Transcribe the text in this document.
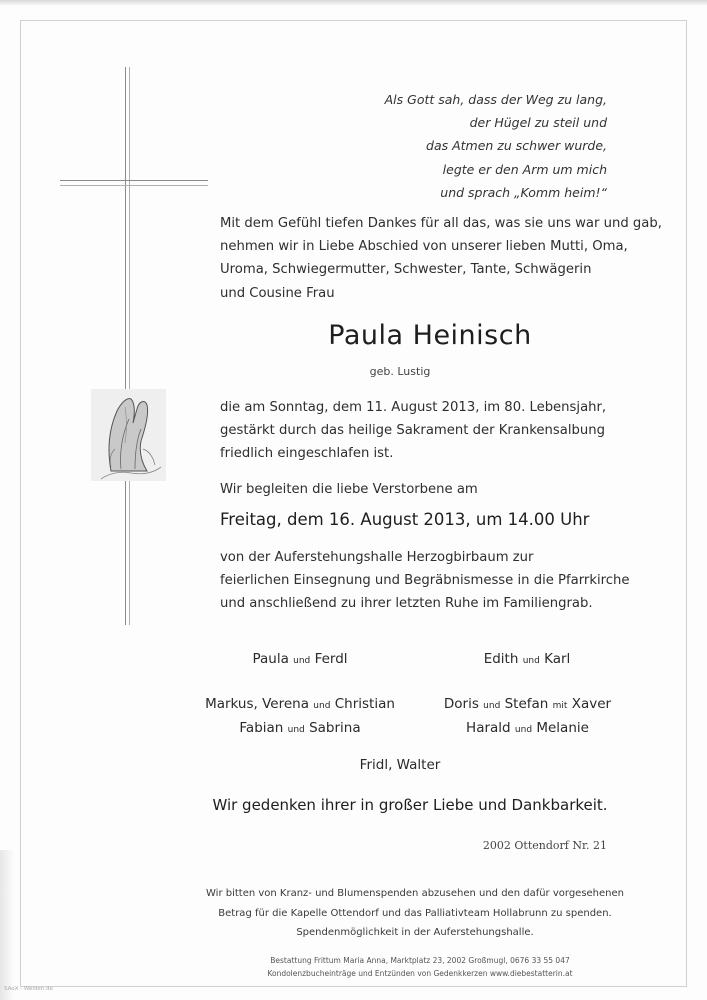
Als Gott sah, dass der Weg zu lang,
der Hügel zu steil und
das Atmen zu schwer wurde,
legte er den Arm um mich
und sprach „Komm heim!“
Mit dem Gefühl tiefen Dankes für all das, was sie uns war und gab,
nehmen wir in Liebe Abschied von unserer lieben Mutti, Oma,
Uroma, Schwiegermutter, Schwester, Tante, Schwägerin
und Cousine Frau
Paula Heinisch
geb. Lustig
die am Sonntag, dem 11. August 2013, im 80. Lebensjahr,
gestärkt durch das heilige Sakrament der Krankensalbung
friedlich eingeschlafen ist.
Wir begleiten die liebe Verstorbene am
Freitag, dem 16. August 2013, um 14.00 Uhr
von der Auferstehungshalle Herzogbirbaum zur
feierlichen Einsegnung und Begräbnismesse in die Pfarrkirche
und anschließend zu ihrer letzten Ruhe im Familiengrab.
Paula und Ferdl	Edith und Karl
Markus, Verena und Christian
Fabian und Sabrina
Doris und Stefan mit Xaver
Harald und Melanie
Fridl, Walter
Wir gedenken ihrer in großer Liebe und Dankbarkeit.
2002 Ottendorf Nr. 21
Wir bitten von Kranz- und Blumenspenden abzusehen und den dafür vorgesehenen
Betrag für die Kapelle Ottendorf und das Palliativteam Hollabrunn zu spenden.
Spendenmöglichkeit in der Auferstehungshalle.
Bestattung Frittum Maria Anna, Marktplatz 23, 2002 Großmugl, 0676 33 55 047
Kondolenzbucheinträge und Entzünden von Gedenkkerzen www.diebestatterin.at
SAoX - Weiden.de
